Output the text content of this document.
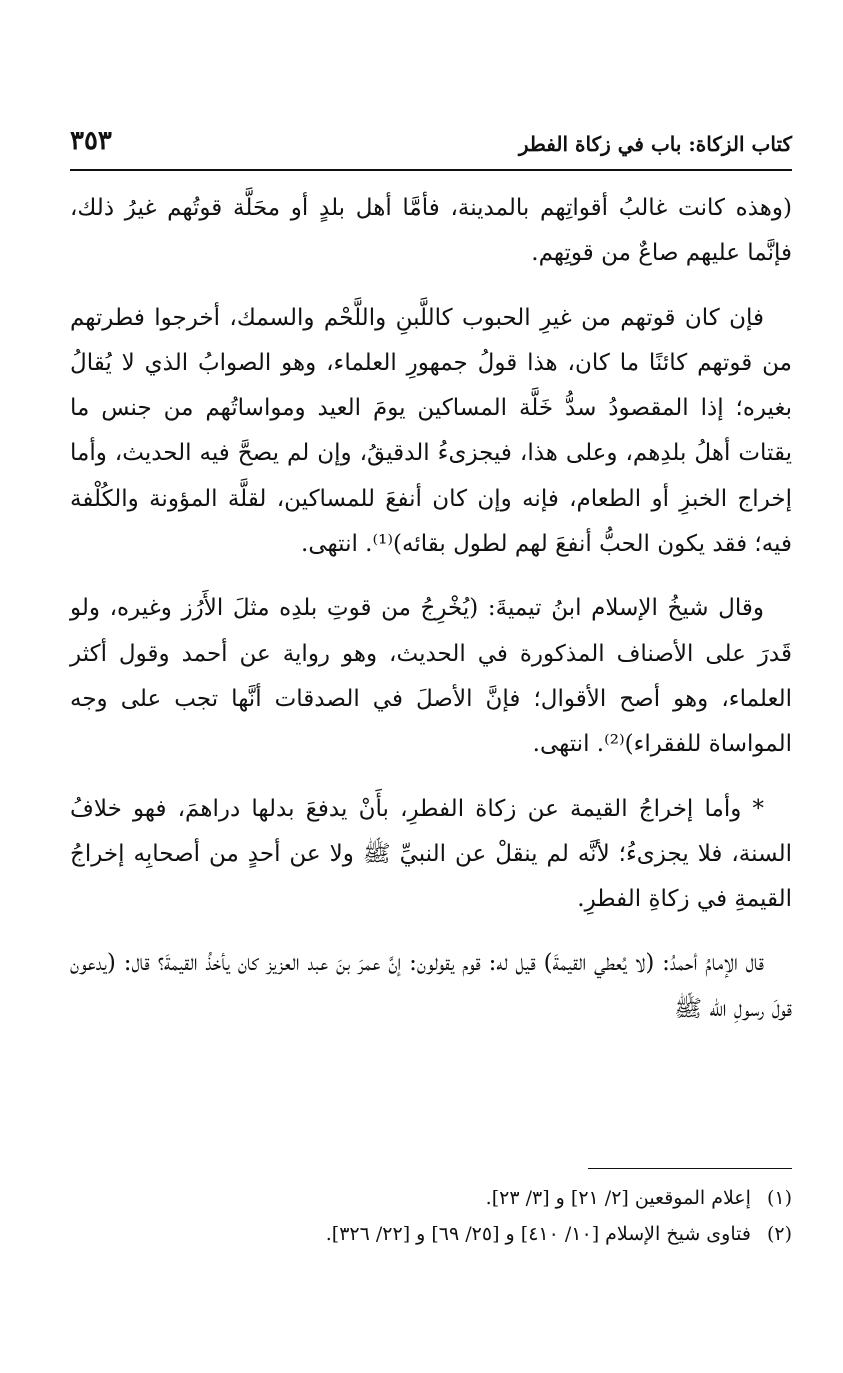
كتاب الزكاة: باب في زكاة الفطر
٣٥٣

(وهذه كانت غالبُ أقواتِهم بالمدينة، فأمَّا أهل بلدٍ أو محَلَّة قوتُهم غيرُ ذلك، فإنَّما عليهم صاعٌ من قوتِهم.

فإن كان قوتهم من غيرِ الحبوب كاللَّبنِ واللَّحْم والسمك، أخرجوا فطرتهم من قوتهم كائنًا ما كان، هذا قولُ جمهورِ العلماء، وهو الصوابُ الذي لا يُقالُ بغيره؛ إذا المقصودُ سدُّ خَلَّة المساكين يومَ العيد ومواساتُهم من جنس ما يقتات أهلُ بلدِهم، وعلى هذا، فيجزىءُ الدقيقُ، وإن لم يصحَّ فيه الحديث، وأما إخراج الخبزِ أو الطعام، فإنه وإن كان أنفعَ للمساكين، لقلَّة المؤونة والكُلْفة فيه؛ فقد يكون الحبُّ أنفعَ لهم لطول بقائه)⁽¹⁾. انتهى.

وقال شيخُ الإسلام ابنُ تيميةَ: (يُخْرِجُ من قوتِ بلدِه مثلَ الأَرُز وغيره، ولو قَدرَ على الأصناف المذكورة في الحديث، وهو رواية عن أحمد وقول أكثر العلماء، وهو أصح الأقوال؛ فإنَّ الأصلَ في الصدقات أنَّها تجب على وجه المواساة للفقراء)⁽²⁾. انتهى.

* وأما إخراجُ القيمة عن زكاة الفطرِ، بأَنْ يدفعَ بدلها دراهمَ، فهو خلافُ السنة، فلا يجزىءُ؛ لأنَّه لم ينقلْ عن النبيِّ ﷺ ولا عن أحدٍ من أصحابِه إخراجُ القيمةِ في زكاةِ الفطرِ.

قال الإمامُ أحمدُ: (لا يُعطي القيمةَ) قيل له: قوم يقولون: إنَّ عمرَ بنَ عبد العزيز كان يأخذُ القيمةَ؟ قال: (يدعون قولَ رسولِ الله ﷺ

(١)إعلام الموقعين [٢/ ٢١] و [٣/ ٢٣].
(٢)فتاوى شيخ الإسلام [١٠/ ٤١٠] و [٢٥/ ٦٩] و [٢٢/ ٣٢٦].
